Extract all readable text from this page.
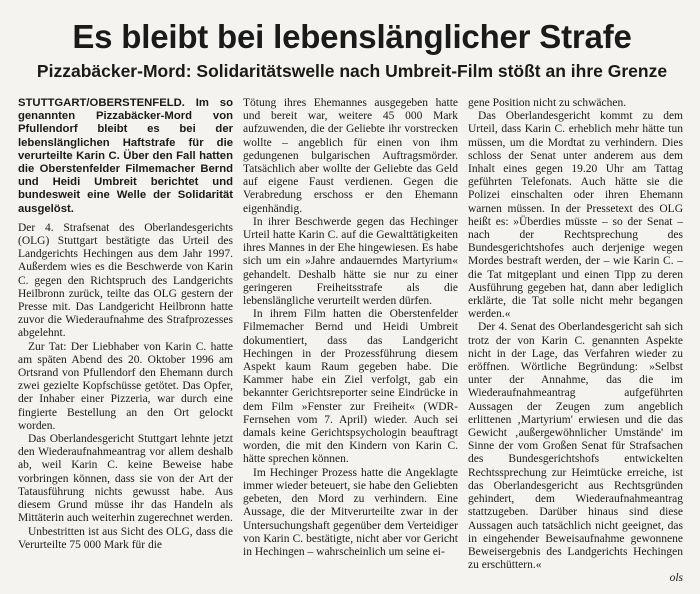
Es bleibt bei lebenslänglicher Strafe
Pizzabäcker-Mord: Solidaritätswelle nach Umbreit-Film stößt an ihre Grenze

STUTTGART/OBERSTENFELD. Im so genannten Pizzabäcker-Mord von Pfullendorf bleibt es bei der lebenslänglichen Haftstrafe für die verurteilte Karin C. Über den Fall hatten die Oberstenfelder Filmemacher Bernd und Heidi Umbreit berichtet und bundesweit eine Welle der Solidarität ausgelöst.

Der 4. Strafsenat des Oberlandesgerichts (OLG) Stuttgart bestätigte das Urteil des Landgerichts Hechingen aus dem Jahr 1997. Außerdem wies es die Beschwerde von Karin C. gegen den Richtspruch des Landgerichts Heilbronn zurück, teilte das OLG gestern der Presse mit. Das Landgericht Heilbronn hatte zuvor die Wiederaufnahme des Strafprozesses abgelehnt.

Zur Tat: Der Liebhaber von Karin C. hatte am späten Abend des 20. Oktober 1996 am Ortsrand von Pfullendorf den Ehemann durch zwei gezielte Kopfschüsse getötet. Das Opfer, der Inhaber einer Pizzeria, war durch eine fingierte Bestellung an den Ort gelockt worden.

Das Oberlandesgericht Stuttgart lehnte jetzt den Wiederaufnahmeantrag vor allem deshalb ab, weil Karin C. keine Beweise habe vorbringen können, dass sie von der Art der Tatausführung nichts gewusst habe. Aus diesem Grund müsse ihr das Handeln als Mittäterin auch weiterhin zugerechnet werden.

Unbestritten ist aus Sicht des OLG, dass die Verurteilte 75 000 Mark für die

Tötung ihres Ehemannes ausgegeben hatte und bereit war, weitere 45 000 Mark aufzuwenden, die der Geliebte ihr vorstrecken wollte – angeblich für einen von ihm gedungenen bulgarischen Auftragsmörder. Tatsächlich aber wollte der Geliebte das Geld auf eigene Faust verdienen. Gegen die Verabredung erschoss er den Ehemann eigenhändig.

In ihrer Beschwerde gegen das Hechinger Urteil hatte Karin C. auf die Gewalttätigkeiten ihres Mannes in der Ehe hingewiesen. Es habe sich um ein »Jahre andauerndes Martyrium« gehandelt. Deshalb hätte sie nur zu einer geringeren Freiheitsstrafe als die lebenslängliche verurteilt werden dürfen.

In ihrem Film hatten die Oberstenfelder Filmemacher Bernd und Heidi Umbreit dokumentiert, dass das Landgericht Hechingen in der Prozessführung diesem Aspekt kaum Raum gegeben habe. Die Kammer habe ein Ziel verfolgt, gab ein bekannter Gerichtsreporter seine Eindrücke in dem Film »Fenster zur Freiheit« (WDR-Fernsehen vom 7. April) wieder. Auch sei damals keine Gerichtspsychologin beauftragt worden, die mit den Kindern von Karin C. hätte sprechen können.

Im Hechinger Prozess hatte die Angeklagte immer wieder beteuert, sie habe den Geliebten gebeten, den Mord zu verhindern. Eine Aussage, die der Mitverurteilte zwar in der Untersuchungshaft gegenüber dem Verteidiger von Karin C. bestätigte, nicht aber vor Gericht in Hechingen – wahrscheinlich um seine ei-

gene Position nicht zu schwächen.

Das Oberlandesgericht kommt zu dem Urteil, dass Karin C. erheblich mehr hätte tun müssen, um die Mordtat zu verhindern. Dies schloss der Senat unter anderem aus dem Inhalt eines gegen 19.20 Uhr am Tattag geführten Telefonats. Auch hätte sie die Polizei einschalten oder ihren Ehemann warnen müssen. In der Pressetext des OLG heißt es: »Überdies müsste – so der Senat – nach der Rechtsprechung des Bundesgerichtshofes auch derjenige wegen Mordes bestraft werden, der – wie Karin C. – die Tat mitgeplant und einen Tipp zu deren Ausführung gegeben hat, dann aber lediglich erklärte, die Tat solle nicht mehr begangen werden.«

Der 4. Senat des Oberlandesgericht sah sich trotz der von Karin C. genannten Aspekte nicht in der Lage, das Verfahren wieder zu eröffnen. Wörtliche Begründung: »Selbst unter der Annahme, das die im Wiederaufnahmeantrag aufgeführten Aussagen der Zeugen zum angeblich erlittenen ‚Martyrium' erwiesen und die das Gewicht ‚außergewöhnlicher Umstände' im Sinne der vom Großen Senat für Strafsachen des Bundesgerichtshofs entwickelten Rechtssprechung zur Heimtücke erreiche, ist das Oberlandesgericht aus Rechtsgründen gehindert, dem Wiederaufnahmeantrag stattzugeben. Darüber hinaus sind diese Aussagen auch tatsächlich nicht geeignet, das in eingehender Beweisaufnahme gewonnene Beweisergebnis des Landgerichts Hechingen zu erschüttern.«

ols
